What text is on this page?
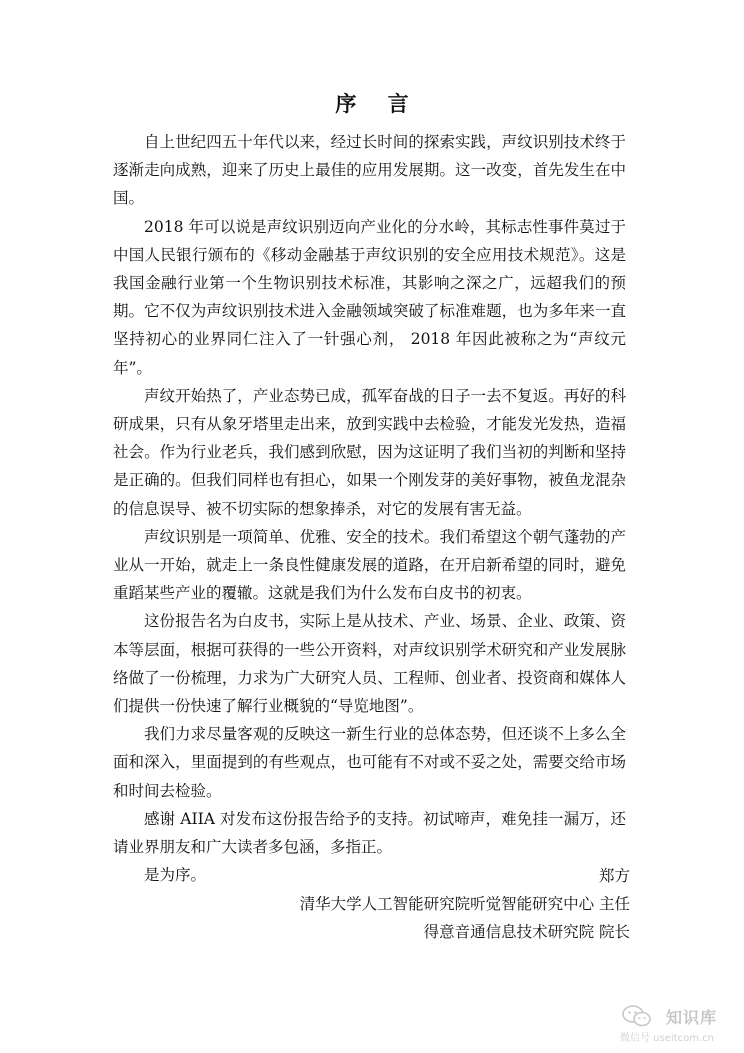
序 言

自上世纪四五十年代以来，经过长时间的探索实践，声纹识别技术终于逐渐走向成熟，迎来了历史上最佳的应用发展期。这一改变，首先发生在中国。

2018 年可以说是声纹识别迈向产业化的分水岭，其标志性事件莫过于中国人民银行颁布的《移动金融基于声纹识别的安全应用技术规范》。这是我国金融行业第一个生物识别技术标准，其影响之深之广，远超我们的预期。它不仅为声纹识别技术进入金融领域突破了标准难题，也为多年来一直坚持初心的业界同仁注入了一针强心剂， 2018 年因此被称之为“声纹元年”。

声纹开始热了，产业态势已成，孤军奋战的日子一去不复返。再好的科研成果，只有从象牙塔里走出来，放到实践中去检验，才能发光发热，造福社会。作为行业老兵，我们感到欣慰，因为这证明了我们当初的判断和坚持是正确的。但我们同样也有担心，如果一个刚发芽的美好事物，被鱼龙混杂的信息误导、被不切实际的想象捧杀，对它的发展有害无益。

声纹识别是一项简单、优雅、安全的技术。我们希望这个朝气蓬勃的产业从一开始，就走上一条良性健康发展的道路，在开启新希望的同时，避免重蹈某些产业的覆辙。这就是我们为什么发布白皮书的初衷。

这份报告名为白皮书，实际上是从技术、产业、场景、企业、政策、资本等层面，根据可获得的一些公开资料，对声纹识别学术研究和产业发展脉络做了一份梳理，力求为广大研究人员、工程师、创业者、投资商和媒体人们提供一份快速了解行业概貌的“导览地图”。

我们力求尽量客观的反映这一新生行业的总体态势，但还谈不上多么全面和深入，里面提到的有些观点，也可能有不对或不妥之处，需要交给市场和时间去检验。

感谢 AIIA 对发布这份报告给予的支持。初试啼声，难免挂一漏万，还请业界朋友和广大读者多包涵，多指正。

是为序。	郑方
清华大学人工智能研究院听觉智能研究中心 主任
得意音通信息技术研究院 院长
知识库
微信号 useitcom.cn
